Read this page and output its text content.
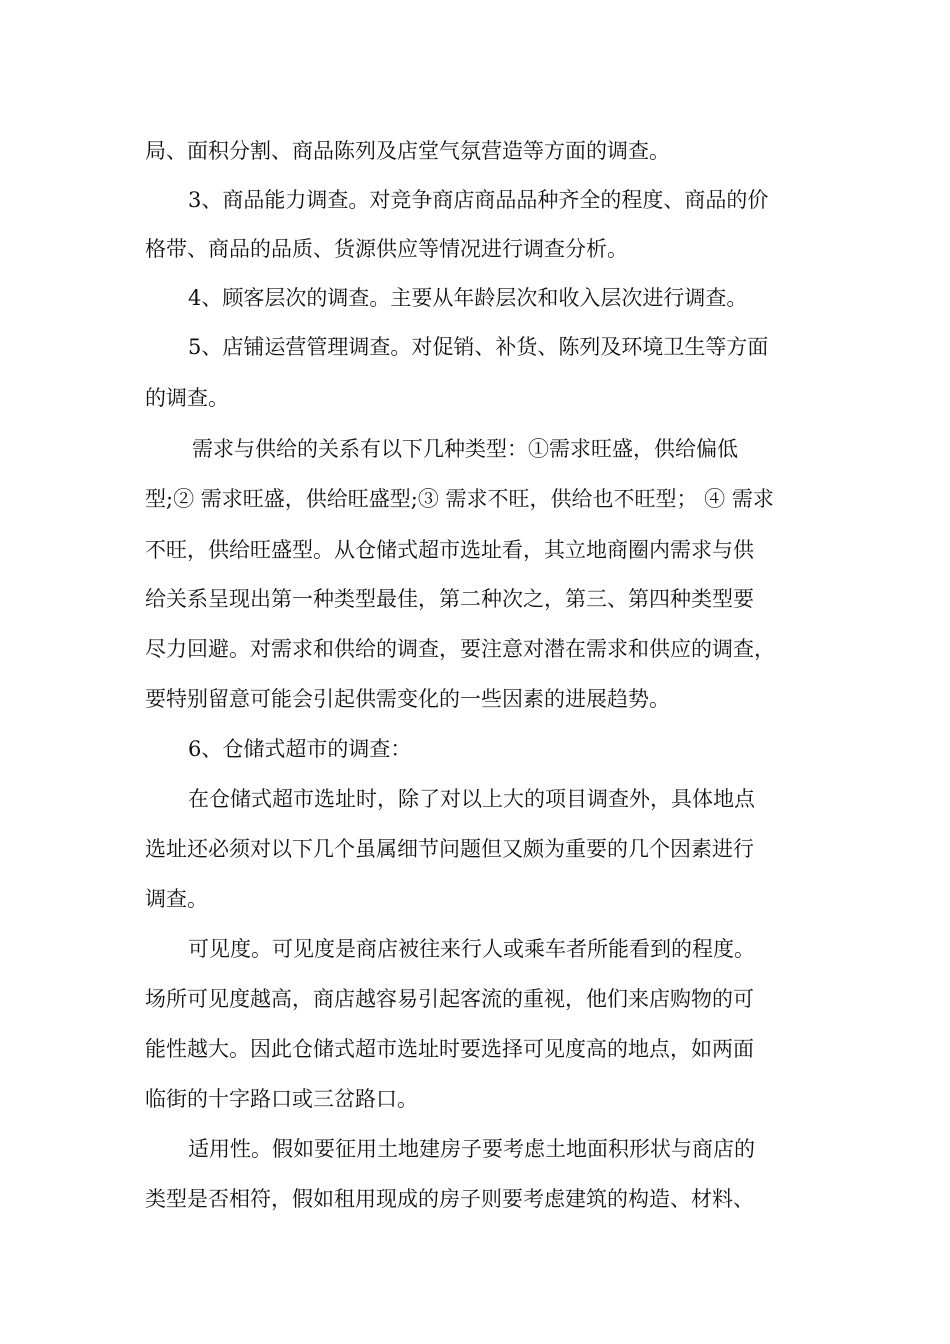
局、面积分割、商品陈列及店堂气氛营造等方面的调查。
3、商品能力调查。对竞争商店商品品种齐全的程度、商品的价
格带、商品的品质、货源供应等情况进行调查分析。
4、顾客层次的调查。主要从年龄层次和收入层次进行调查。
5、店铺运营管理调查。对促销、补货、陈列及环境卫生等方面
的调查。
需求与供给的关系有以下几种类型：①需求旺盛，供给偏低
型;② 需求旺盛，供给旺盛型;③ 需求不旺，供给也不旺型； ④ 需求
不旺，供给旺盛型。从仓储式超市选址看，其立地商圈内需求与供
给关系呈现出第一种类型最佳，第二种次之，第三、第四种类型要
尽力回避。对需求和供给的调查，要注意对潜在需求和供应的调查，
要特别留意可能会引起供需变化的一些因素的进展趋势。
6、仓储式超市的调查：
在仓储式超市选址时，除了对以上大的项目调查外，具体地点
选址还必须对以下几个虽属细节问题但又颇为重要的几个因素进行
调查。
可见度。可见度是商店被往来行人或乘车者所能看到的程度。
场所可见度越高，商店越容易引起客流的重视，他们来店购物的可
能性越大。因此仓储式超市选址时要选择可见度高的地点，如两面
临街的十字路口或三岔路口。
适用性。假如要征用土地建房子要考虑土地面积形状与商店的
类型是否相符，假如租用现成的房子则要考虑建筑的构造、材料、
